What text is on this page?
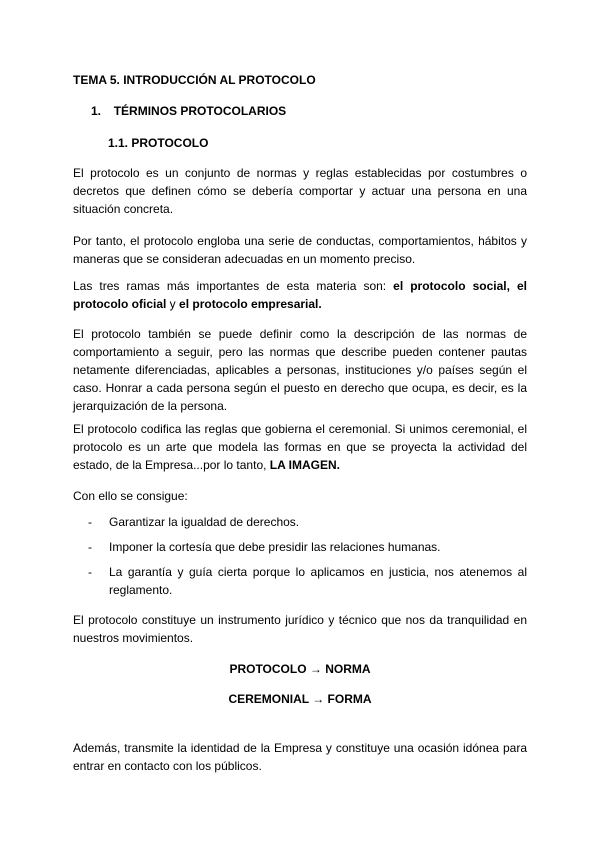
TEMA 5. INTRODUCCIÓN AL PROTOCOLO
1. TÉRMINOS PROTOCOLARIOS
1.1. PROTOCOLO

El protocolo es un conjunto de normas y reglas establecidas por costumbres o decretos que definen cómo se debería comportar y actuar una persona en una situación concreta.

Por tanto, el protocolo engloba una serie de conductas, comportamientos, hábitos y maneras que se consideran adecuadas en un momento preciso.

Las tres ramas más importantes de esta materia son: el protocolo social, el protocolo oficial y el protocolo empresarial.

El protocolo también se puede definir como la descripción de las normas de comportamiento a seguir, pero las normas que describe pueden contener pautas netamente diferenciadas, aplicables a personas, instituciones y/o países según el caso. Honrar a cada persona según el puesto en derecho que ocupa, es decir, es la jerarquización de la persona.

El protocolo codifica las reglas que gobierna el ceremonial. Si unimos ceremonial, el protocolo es un arte que modela las formas en que se proyecta la actividad del estado, de la Empresa...por lo tanto, LA IMAGEN.

Con ello se consigue:

- Garantizar la igualdad de derechos.
- Imponer la cortesía que debe presidir las relaciones humanas.
- La garantía y guía cierta porque lo aplicamos en justicia, nos atenemos al reglamento.

El protocolo constituye un instrumento jurídico y técnico que nos da tranquilidad en nuestros movimientos.

PROTOCOLO → NORMA
CEREMONIAL → FORMA

Además, transmite la identidad de la Empresa y constituye una ocasión idónea para entrar en contacto con los públicos.
